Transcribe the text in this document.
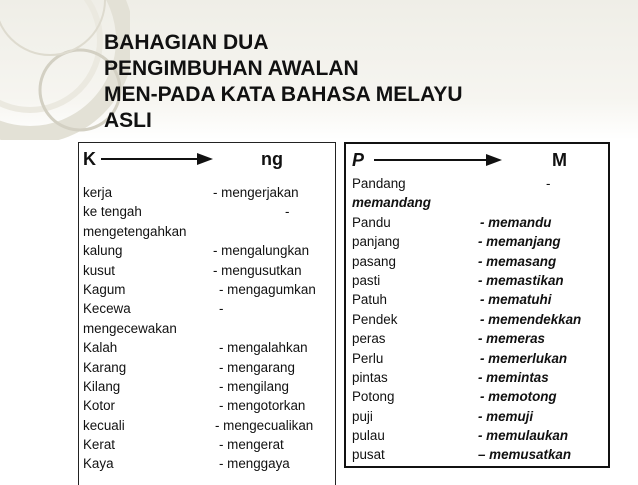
BAHAGIAN DUA
PENGIMBUHAN AWALAN
MEN-PADA KATA BAHASA MELAYU
ASLI
K	ng
kerja	- mengerjakan
ke tengah	-
mengetengahkan
kalung	- mengalungkan
kusut	- mengusutkan
Kagum	- mengagumkan
Kecewa	-
mengecewakan
Kalah	- mengalahkan
Karang	- mengarang
Kilang	- mengilang
Kotor	- mengotorkan
kecuali	- mengecualikan
Kerat	- mengerat
Kaya	- menggaya
P	M
Pandang	-
memandang
Pandu	- memandu
panjang	- memanjang
pasang	- memasang
pasti	- memastikan
Patuh	- mematuhi
Pendek	- memendekkan
peras	- memeras
Perlu	- memerlukan
pintas	- memintas
Potong	- memotong
puji	- memuji
pulau	- memulaukan
pusat	– memusatkan
